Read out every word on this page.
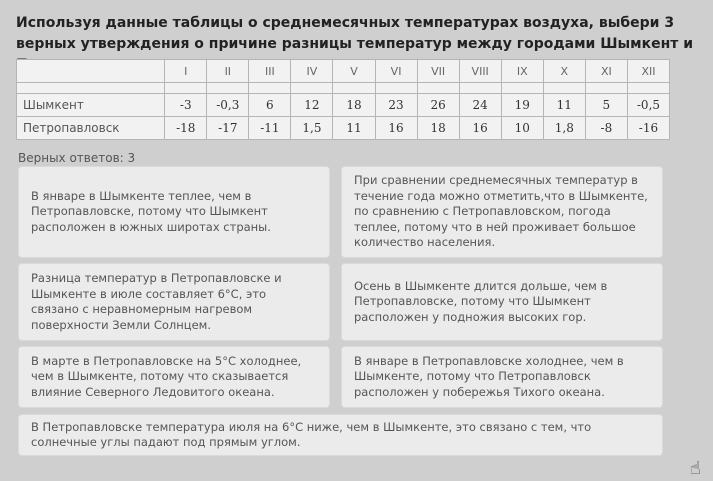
Используя данные таблицы о среднемесячных температурах воздуха, выбери 3 верных утверждения о причине разницы температур между городами Шымкент и
	I	II	III	IV	V	VI	VII	VIII	IX	X	XI	XII

Шымкент	-3	-0,3	6	12	18	23	26	24	19	11	5	-0,5
Петропавловск	-18	-17	-11	1,5	11	16	18	16	10	1,8	-8	-16
Верных ответов: 3
В январе в Шымкенте теплее, чем в Петропавловске, потому что Шымкент расположен в южных широтах страны.
При сравнении среднемесячных температур в течение года можно отметить,что в Шымкенте, по сравнению с Петропавловском, погода теплее, потому что в ней проживает большое количество населения.
Разница температур в Петропавловске и Шымкенте в июле составляет 6°С, это связано с неравномерным нагревом поверхности Земли Солнцем.
Осень в Шымкенте длится дольше, чем в Петропавловске, потому что Шымкент расположен у подножия высоких гор.
В марте в Петропавловске на 5°С холоднее, чем в Шымкенте, потому что сказывается влияние Северного Ледовитого океана.
В январе в Петропавловске холоднее, чем в Шымкенте, потому что Петропавловск расположен у побережья Тихого океана.
В Петропавловске температура июля на 6°С ниже, чем в Шымкенте, это связано с тем, что солнечные углы падают под прямым углом.
☝
